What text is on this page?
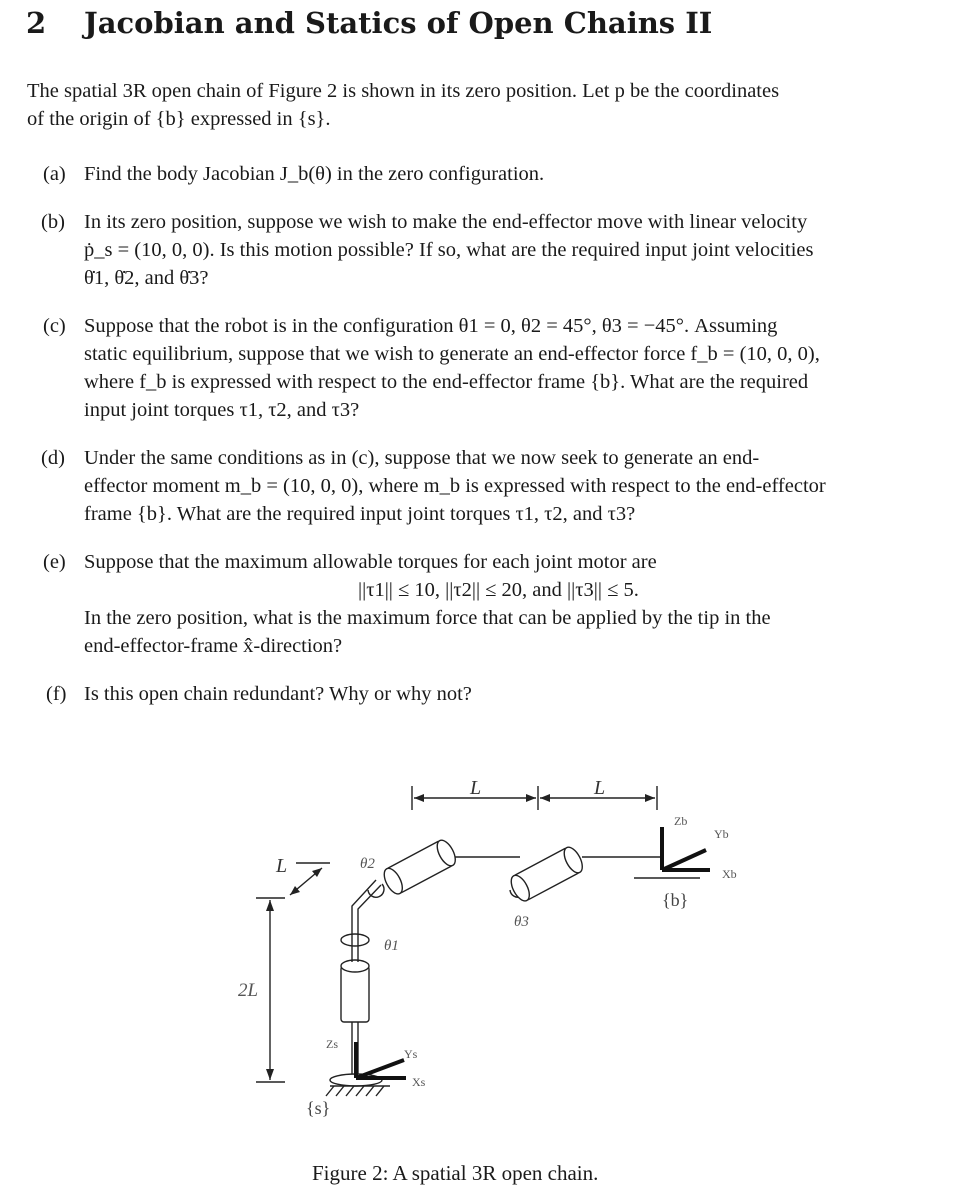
2 Jacobian and Statics of Open Chains II

The spatial 3R open chain of Figure 2 is shown in its zero position. Let p be the coordinates

of the origin of {b} expressed in {s}.

(a) Find the body Jacobian J_b(θ) in the zero configuration.

(b) In its zero position, suppose we wish to make the end-effector move with linear velocity

ṗ_s = (10, 0, 0). Is this motion possible? If so, what are the required input joint velocities

θ̇1, θ̇2, and θ̇3?

(c) Suppose that the robot is in the configuration θ1 = 0, θ2 = 45°, θ3 = −45°. Assuming

static equilibrium, suppose that we wish to generate an end-effector force f_b = (10, 0, 0),

where f_b is expressed with respect to the end-effector frame {b}. What are the required

input joint torques τ1, τ2, and τ3?

(d) Under the same conditions as in (c), suppose that we now seek to generate an end-

effector moment m_b = (10, 0, 0), where m_b is expressed with respect to the end-effector

frame {b}. What are the required input joint torques τ1, τ2, and τ3?

(e) Suppose that the maximum allowable torques for each joint motor are

||τ1|| ≤ 10, ||τ2|| ≤ 20, and ||τ3|| ≤ 5.

In the zero position, what is the maximum force that can be applied by the tip in the

end-effector-frame x̂-direction?

(f) Is this open chain redundant? Why or why not?

L	L
L
2L
θ1
θ2
θ3
Zs
Ys
Xs
{s}
Zb
Yb
Xb
{b}

Figure 2: A spatial 3R open chain.
